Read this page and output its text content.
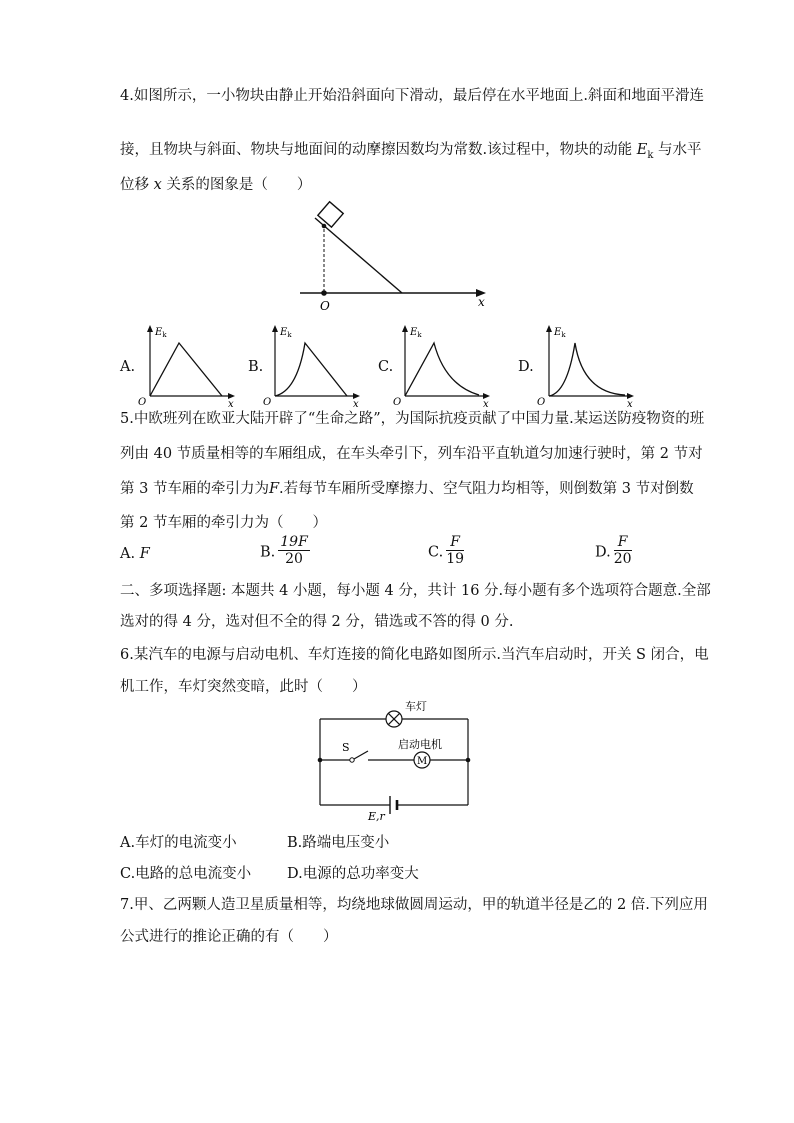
4.如图所示，一小物块由静止开始沿斜面向下滑动，最后停在水平地面上.斜面和地面平滑连
接，且物块与斜面、物块与地面间的动摩擦因数均为常数.该过程中，物块的动能 $E_k$ 与水平
位移 x 关系的图象是（　　）
O	x
A.
$E_k$
O	x
B.
$E_k$
O	x
C.
$E_k$
O	x
D.
$E_k$
O	x
5.中欧班列在欧亚大陆开辟了“生命之路”，为国际抗疫贡献了中国力量.某运送防疫物资的班
列由 40 节质量相等的车厢组成，在车头牵引下，列车沿平直轨道匀加速行驶时，第 2 节对
第 3 节车厢的牵引力为F.若每节车厢所受摩擦力、空气阻力均相等，则倒数第 3 节对倒数
第 2 节车厢的牵引力为（　　）
A. F	B. $\frac{19F}{20}$	C. $\frac{F}{19}$	D. $\frac{F}{20}$
二、多项选择题: 本题共 4 小题，每小题 4 分，共计 16 分.每小题有多个选项符合题意.全部
选对的得 4 分，选对但不全的得 2 分，错选或不答的得 0 分.
6.某汽车的电源与启动电机、车灯连接的简化电路如图所示.当汽车启动时，开关 S 闭合，电
机工作，车灯突然变暗，此时（　　）
车灯
S
M
启动电机
E,r
A.车灯的电流变小	B.路端电压变小
C.电路的总电流变小 D.电源的总功率变大
7.甲、乙两颗人造卫星质量相等，均绕地球做圆周运动，甲的轨道半径是乙的 2 倍.下列应用
公式进行的推论正确的有（　　）
